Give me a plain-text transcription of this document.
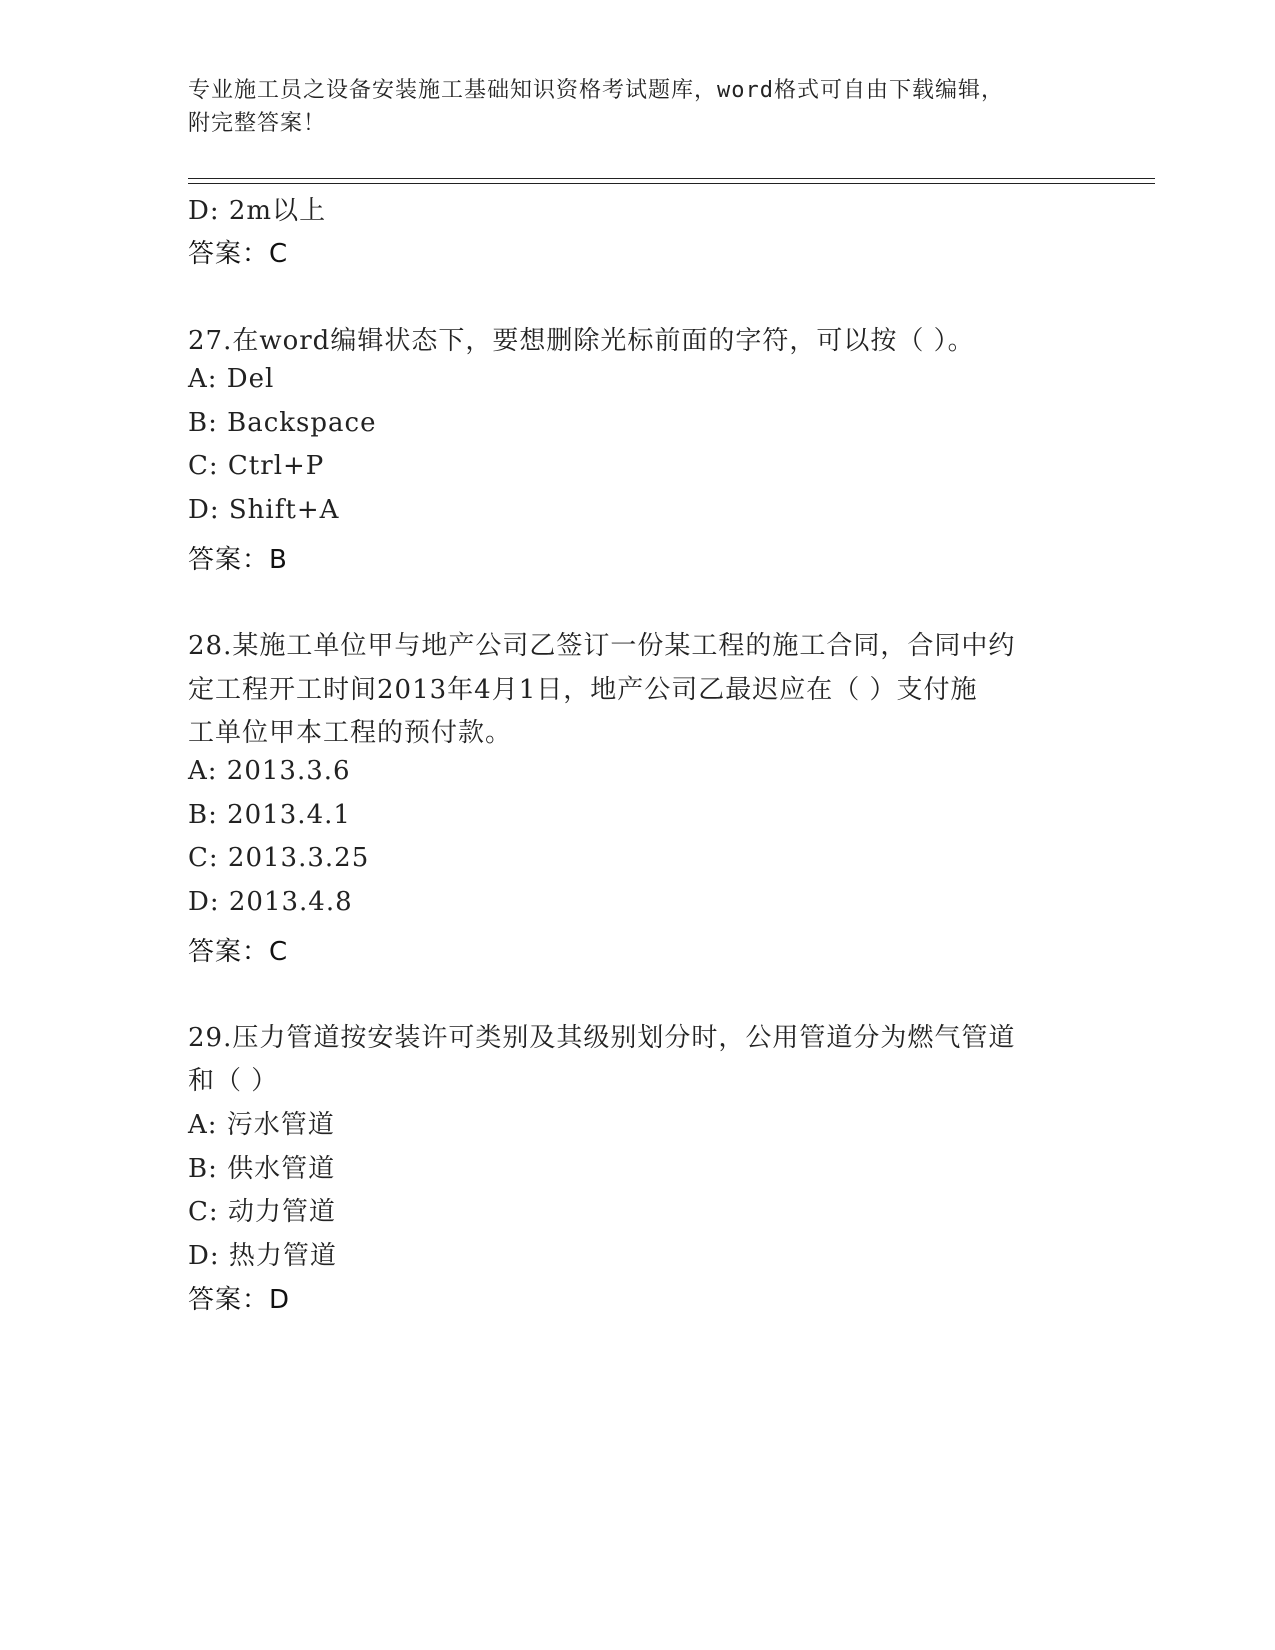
专业施工员之设备安装施工基础知识资格考试题库，word格式可自由下载编辑，
附完整答案！
D: 2m以上
答案：C
27.在word编辑状态下，要想删除光标前面的字符，可以按（ ）。
A: Del
B: Backspace
C: Ctrl+P
D: Shift+A
答案：B
28.某施工单位甲与地产公司乙签订一份某工程的施工合同，合同中约
定工程开工时间2013年4月1日，地产公司乙最迟应在（ ）支付施
工单位甲本工程的预付款。
A: 2013.3.6
B: 2013.4.1
C: 2013.3.25
D: 2013.4.8
答案：C
29.压力管道按安装许可类别及其级别划分时，公用管道分为燃气管道
和（ ）
A: 污水管道
B: 供水管道
C: 动力管道
D: 热力管道
答案：D
